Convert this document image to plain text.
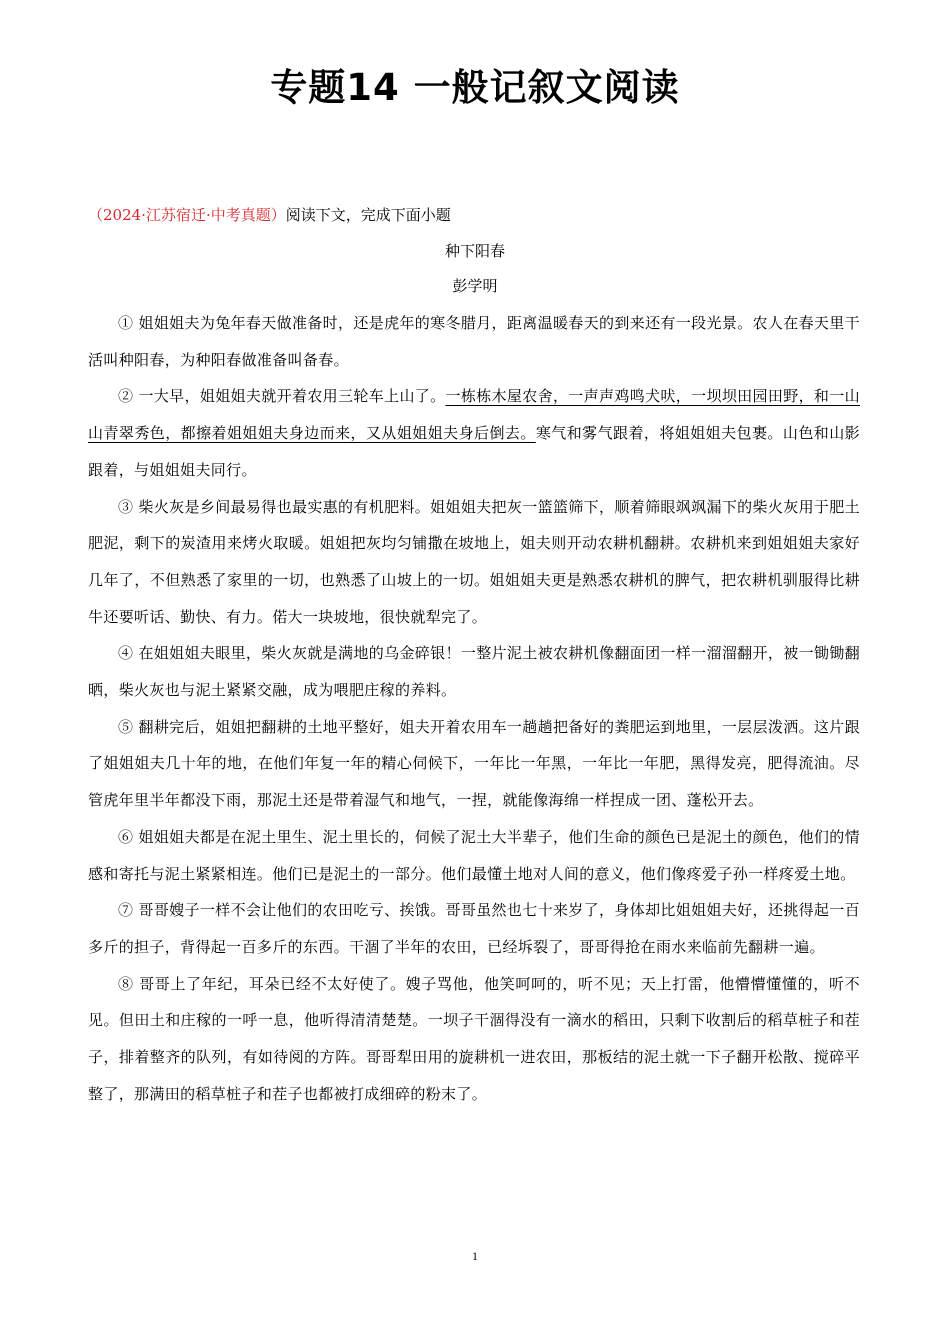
专题14 一般记叙文阅读
（2024·江苏宿迁·中考真题）阅读下文，完成下面小题
种下阳春
彭学明

① 姐姐姐夫为兔年春天做准备时，还是虎年的寒冬腊月，距离温暖春天的到来还有一段光景。农人在春天里干活叫种阳春，为种阳春做准备叫备春。

② 一大早，姐姐姐夫就开着农用三轮车上山了。一栋栋木屋农舍，一声声鸡鸣犬吠，一坝坝田园田野，和一山山青翠秀色，都擦着姐姐姐夫身边而来，又从姐姐姐夫身后倒去。寒气和雾气跟着，将姐姐姐夫包裹。山色和山影跟着，与姐姐姐夫同行。

③ 柴火灰是乡间最易得也最实惠的有机肥料。姐姐姐夫把灰一篮篮筛下，顺着筛眼飒飒漏下的柴火灰用于肥土肥泥，剩下的炭渣用来烤火取暖。姐姐把灰均匀铺撒在坡地上，姐夫则开动农耕机翻耕。农耕机来到姐姐姐夫家好几年了，不但熟悉了家里的一切，也熟悉了山坡上的一切。姐姐姐夫更是熟悉农耕机的脾气，把农耕机驯服得比耕牛还要听话、勤快、有力。偌大一块坡地，很快就犁完了。

④ 在姐姐姐夫眼里，柴火灰就是满地的乌金碎银！一整片泥土被农耕机像翻面团一样一溜溜翻开，被一锄锄翻晒，柴火灰也与泥土紧紧交融，成为喂肥庄稼的养料。

⑤ 翻耕完后，姐姐把翻耕的土地平整好，姐夫开着农用车一趟趟把备好的粪肥运到地里，一层层泼洒。这片跟了姐姐姐夫几十年的地，在他们年复一年的精心伺候下，一年比一年黑，一年比一年肥，黑得发亮，肥得流油。尽管虎年里半年都没下雨，那泥土还是带着湿气和地气，一捏，就能像海绵一样捏成一团、蓬松开去。

⑥ 姐姐姐夫都是在泥土里生、泥土里长的，伺候了泥土大半辈子，他们生命的颜色已是泥土的颜色，他们的情感和寄托与泥土紧紧相连。他们已是泥土的一部分。他们最懂土地对人间的意义，他们像疼爱子孙一样疼爱土地。

⑦ 哥哥嫂子一样不会让他们的农田吃亏、挨饿。哥哥虽然也七十来岁了，身体却比姐姐姐夫好，还挑得起一百多斤的担子，背得起一百多斤的东西。干涸了半年的农田，已经坼裂了，哥哥得抢在雨水来临前先翻耕一遍。

⑧ 哥哥上了年纪，耳朵已经不太好使了。嫂子骂他，他笑呵呵的，听不见；天上打雷，他懵懵懂懂的，听不见。但田土和庄稼的一呼一息，他听得清清楚楚。一坝子干涸得没有一滴水的稻田，只剩下收割后的稻草桩子和茬子，排着整齐的队列，有如待阅的方阵。哥哥犁田用的旋耕机一进农田，那板结的泥土就一下子翻开松散、搅碎平整了，那满田的稻草桩子和茬子也都被打成细碎的粉末了。

1
